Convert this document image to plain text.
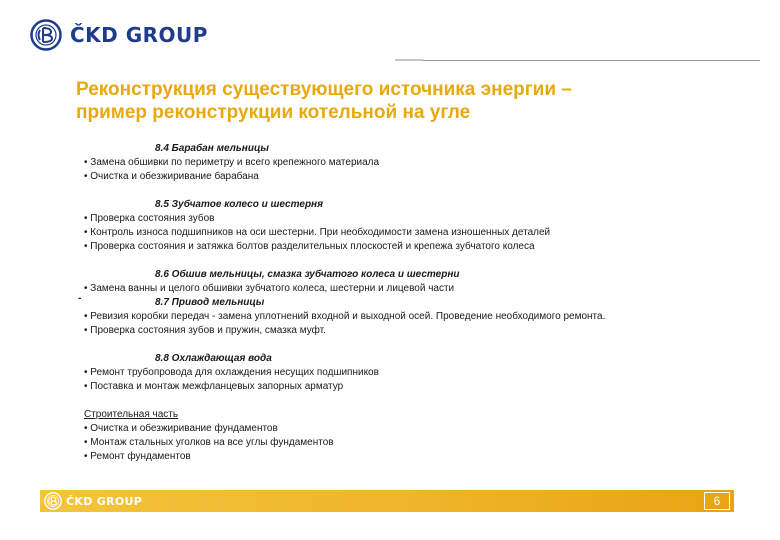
ČKD GROUP
Реконструкция существующего источника энергии –
пример реконструкции котельной на угле
8.4 Барабан мельницы
• Замена обшивки по периметру и всего крепежного материала
• Очистка и обезжиривание барабана
8.5 Зубчатое колесо и шестерня
• Проверка состояния зубов
• Контроль износа подшипников на оси шестерни. При необходимости замена изношенных деталей
• Проверка состояния и затяжка болтов разделительных плоскостей и крепежа зубчатого колеса
8.6 Обшив мельницы, смазка зубчатого колеса и шестерни
• Замена ванны и целого обшивки зубчатого колеса, шестерни и лицевой части
-	8.7 Привод мельницы
• Ревизия коробки передач - замена уплотнений входной и выходной осей. Проведение необходимого ремонта.
• Проверка состояния зубов и пружин, смазка муфт.
8.8 Охлаждающая вода
• Ремонт трубопровода для охлаждения несущих подшипников
• Поставка и монтаж межфланцевых запорных арматур
Строительная часть
• Очистка и обезжиривание фундаментов
• Монтаж стальных уголков на все углы фундаментов
• Ремонт фундаментов
ČKD GROUP	6
